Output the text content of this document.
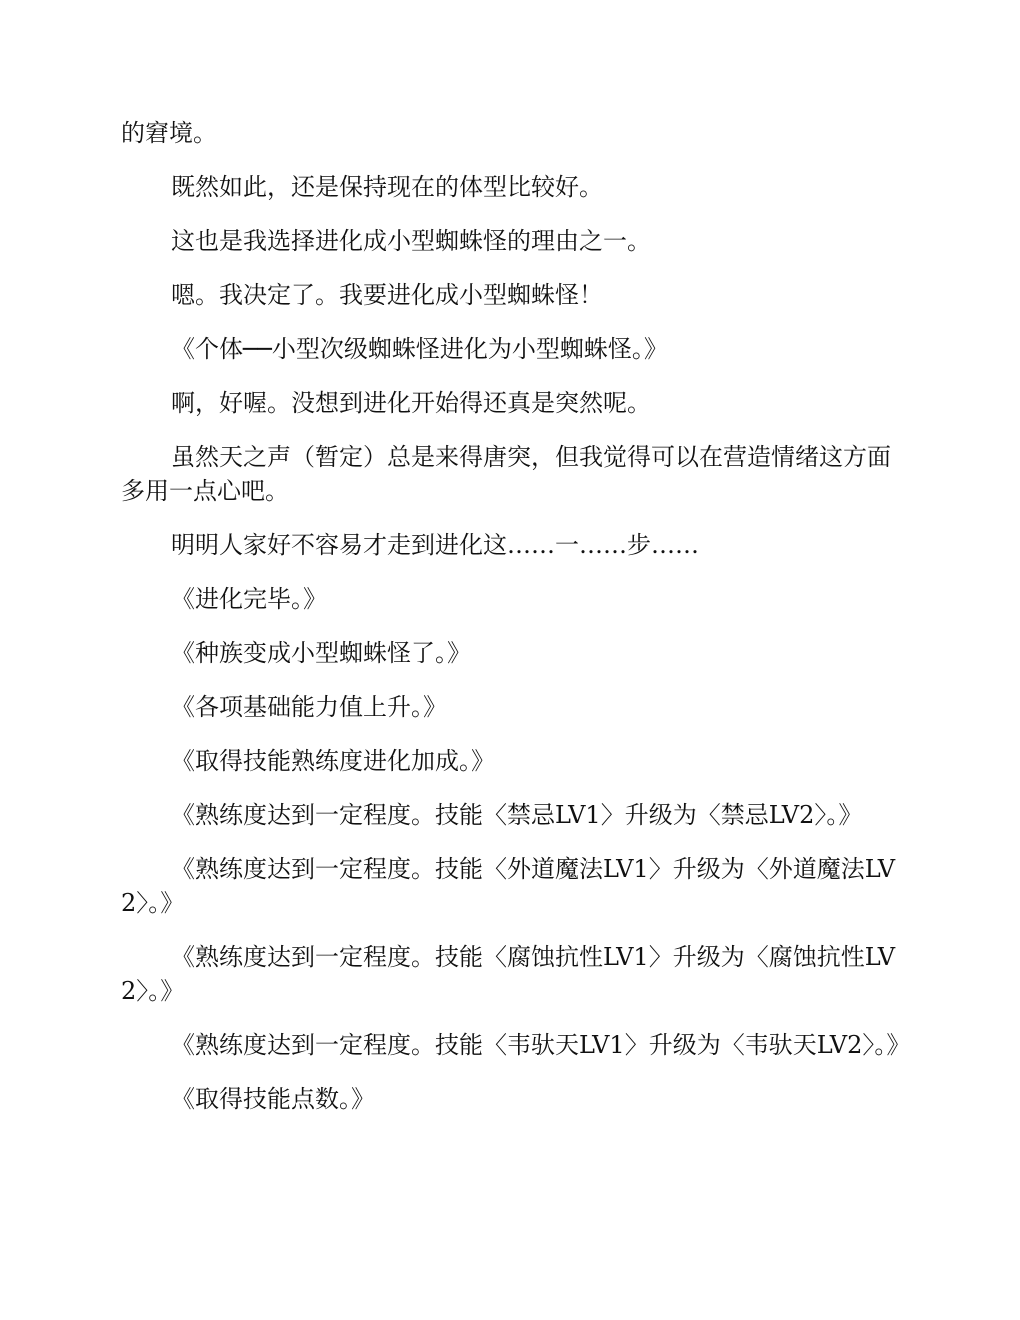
的窘境。

既然如此，还是保持现在的体型比较好。

这也是我选择进化成小型蜘蛛怪的理由之一。

嗯。我决定了。我要进化成小型蜘蛛怪！

《个体──小型次级蜘蛛怪进化为小型蜘蛛怪。》

啊，好喔。没想到进化开始得还真是突然呢。

虽然天之声（暂定）总是来得唐突，但我觉得可以在营造情绪这方面多用一点心吧。

明明人家好不容易才走到进化这……一……步……

《进化完毕。》

《种族变成小型蜘蛛怪了。》

《各项基础能力值上升。》

《取得技能熟练度进化加成。》

《熟练度达到一定程度。技能〈禁忌LV1〉升级为〈禁忌LV2〉。》

《熟练度达到一定程度。技能〈外道魔法LV1〉升级为〈外道魔法LV2〉。》

《熟练度达到一定程度。技能〈腐蚀抗性LV1〉升级为〈腐蚀抗性LV2〉。》

《熟练度达到一定程度。技能〈韦驮天LV1〉升级为〈韦驮天LV2〉。》

《取得技能点数。》
